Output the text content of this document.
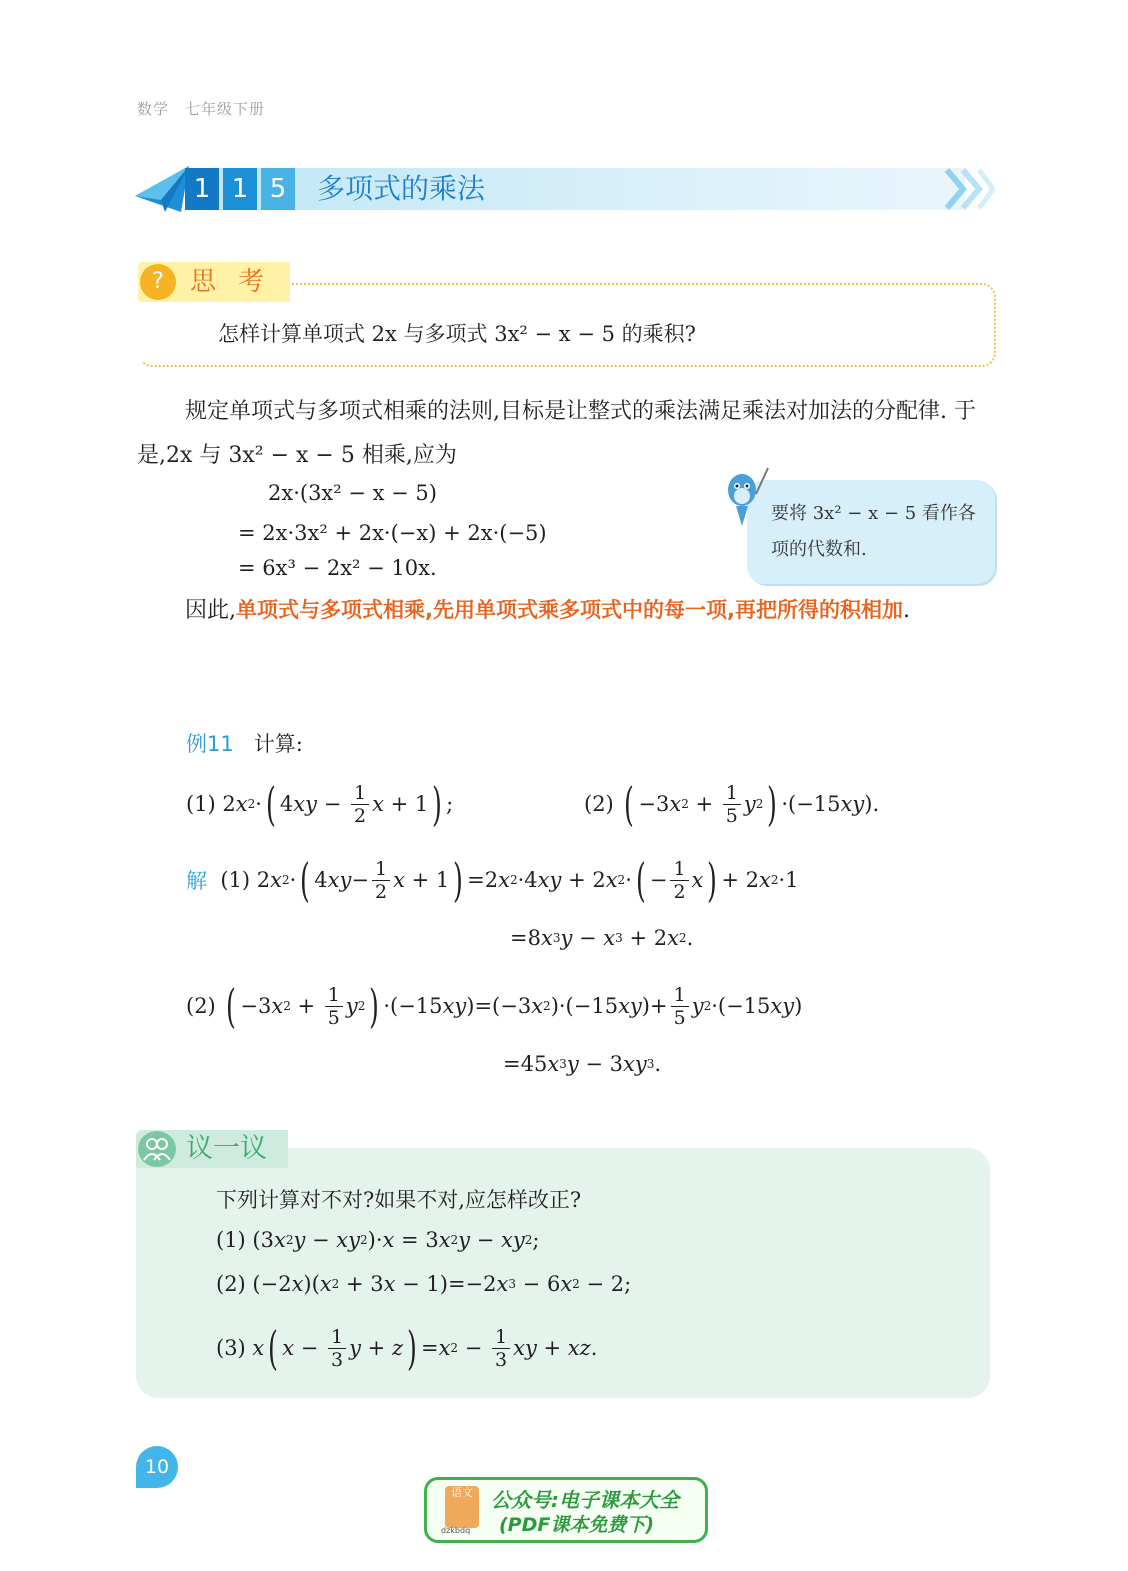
数学 七年级下册
1 1 5	多项式的乘法
?	思考
怎样计算单项式 2x 与多项式 3x² − x − 5 的乘积?
规定单项式与多项式相乘的法则,目标是让整式的乘法满足乘法对加法的分配律. 于是,2x 与 3x² − x − 5 相乘,应为
2x·(3x² − x − 5)
= 2x·3x² + 2x·(−x) + 2x·(−5)
= 6x³ − 2x² − 10x.
要将 3x² − x − 5 看作各项的代数和.
因此,单项式与多项式相乘,先用单项式乘多项式中的每一项,再把所得的积相加.
例11 计算:
(1) 2 x 2 · ( 4 xy − $\frac{1}{2}$ x + 1 ) ;	(2) ( −3 x $2 + \frac{1}{5}$ y 2 ) ·(−15 xy ).
解 (1) 2 x 2 · ( 4 xy − $\frac{1}{2}$ x + 1 ) =2 x 2 ·4 xy + 2 x 2 · ( − $\frac{1}{2}$ x ) + 2 x 2 ·1
=8 x 3 y − x 3 + 2 x 2 .
(2) ( −3 x $2 + \frac{1}{5}$ y 2 ) ·(−15 xy )=(−3 x 2 )·(−15 xy )+ $\frac{1}{5}$ y 2 ·(−15 xy )
=45 x 3 y − 3 xy 3 .
议一议
下列计算对不对?如果不对,应怎样改正?
(1) (3 x 2 y − xy 2 )· x = 3 x 2 y − xy 2 ;
(2) (−2 x )( x 2 + 3 x − 1)=−2 x 3 − 6 x 2 − 2;
(3) x ( $x - \frac{1}{3}$ y + z ) = x $2 - \frac{1}{3}$ xy + xz .
10
语文
dzkbdq
公众号:电子课本大全
(PDF课本免费下)
